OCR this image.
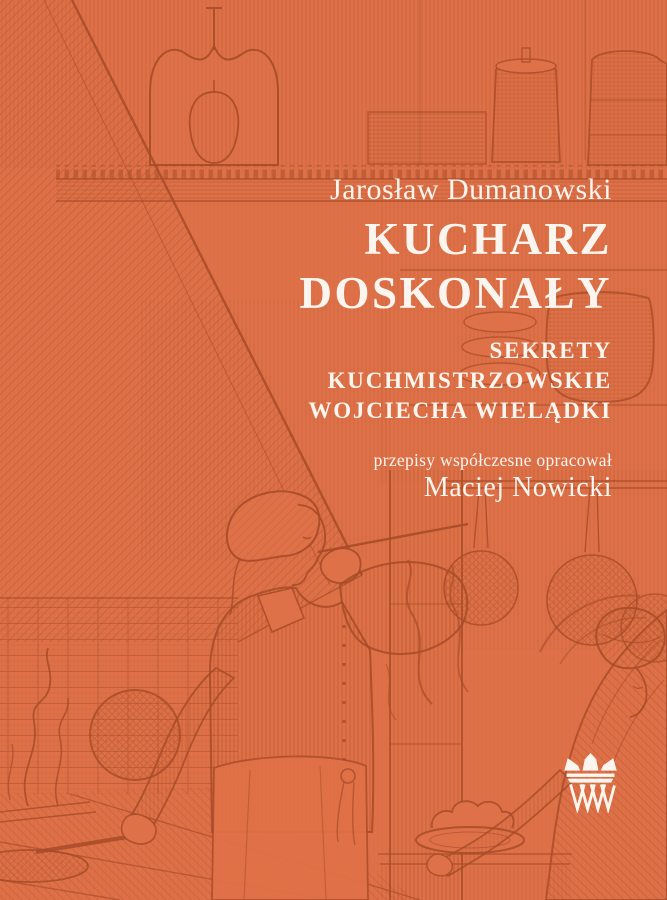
Jarosław Dumanowski
KUCHARZ
DOSKONAŁY
SEKRETY
KUCHMISTRZOWSKIE
WOJCIECHA WIELĄDKI
przepisy współczesne opracował
Maciej Nowicki
